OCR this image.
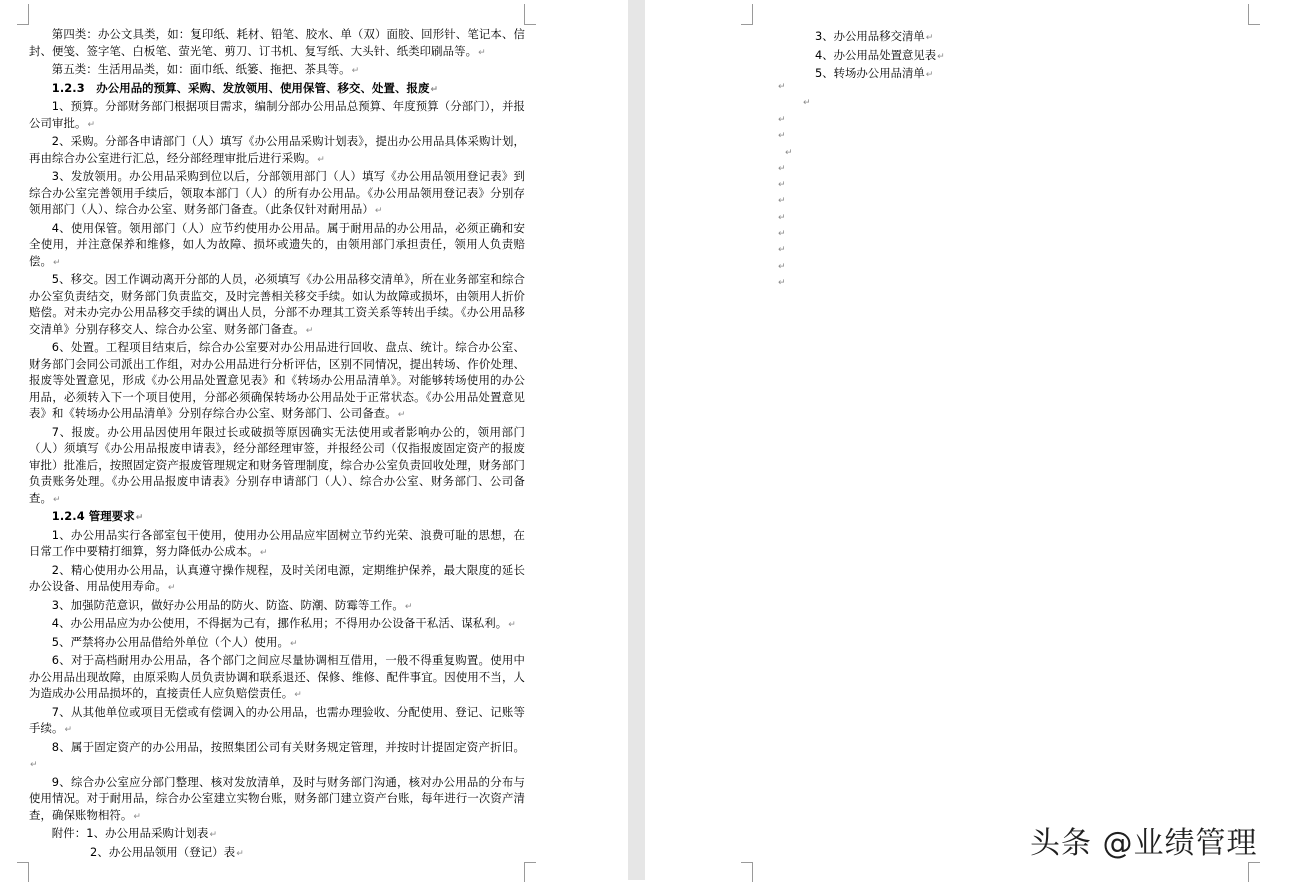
第四类：办公文具类，如：复印纸、耗材、铅笔、胶水、单（双）面胶、回形针、笔记本、信封、便笺、签字笔、白板笔、萤光笔、剪刀、订书机、复写纸、大头针、纸类印刷品等。↵

第五类：生活用品类，如：面巾纸、纸篓、拖把、茶具等。↵

1.2.3　办公用品的预算、采购、发放领用、使用保管、移交、处置、报废↵

1、预算。分部财务部门根据项目需求，编制分部办公用品总预算、年度预算（分部门），并报公司审批。↵

2、采购。分部各申请部门（人）填写《办公用品采购计划表》，提出办公用品具体采购计划，再由综合办公室进行汇总，经分部经理审批后进行采购。↵

3、发放领用。办公用品采购到位以后，分部领用部门（人）填写《办公用品领用登记表》到综合办公室完善领用手续后，领取本部门（人）的所有办公用品。《办公用品领用登记表》分别存领用部门（人）、综合办公室、财务部门备查。（此条仅针对耐用品）↵

4、使用保管。领用部门（人）应节约使用办公用品。属于耐用品的办公用品，必须正确和安全使用，并注意保养和维修，如人为故障、损坏或遗失的，由领用部门承担责任，领用人负责赔偿。↵

5、移交。因工作调动离开分部的人员，必须填写《办公用品移交清单》，所在业务部室和综合办公室负责结交，财务部门负责监交，及时完善相关移交手续。如认为故障或损坏，由领用人折价赔偿。对未办完办公用品移交手续的调出人员，分部不办理其工资关系等转出手续。《办公用品移交清单》分别存移交人、综合办公室、财务部门备查。↵

6、处置。工程项目结束后，综合办公室要对办公用品进行回收、盘点、统计。综合办公室、财务部门会同公司派出工作组，对办公用品进行分析评估，区别不同情况，提出转场、作价处理、报废等处置意见，形成《办公用品处置意见表》和《转场办公用品清单》。对能够转场使用的办公用品，必须转入下一个项目使用，分部必须确保转场办公用品处于正常状态。《办公用品处置意见表》和《转场办公用品清单》分别存综合办公室、财务部门、公司备查。↵

7、报废。办公用品因使用年限过长或破损等原因确实无法使用或者影响办公的，领用部门（人）须填写《办公用品报废申请表》，经分部经理审签，并报经公司（仅指报废固定资产的报废审批）批准后，按照固定资产报废管理规定和财务管理制度，综合办公室负责回收处理，财务部门负责账务处理。《办公用品报废申请表》分别存申请部门（人）、综合办公室、财务部门、公司备查。↵

1.2.4 管理要求↵

1、办公用品实行各部室包干使用，使用办公用品应牢固树立节约光荣、浪费可耻的思想，在日常工作中要精打细算，努力降低办公成本。↵

2、精心使用办公用品，认真遵守操作规程，及时关闭电源，定期维护保养，最大限度的延长办公设备、用品使用寿命。↵

3、加强防范意识，做好办公用品的防火、防盗、防潮、防霉等工作。↵

4、办公用品应为办公使用，不得据为己有，挪作私用；不得用办公设备干私活、谋私利。↵

5、严禁将办公用品借给外单位（个人）使用。↵

6、对于高档耐用办公用品，各个部门之间应尽量协调相互借用，一般不得重复购置。使用中办公用品出现故障，由原采购人员负责协调和联系退还、保修、维修、配件事宜。因使用不当，人为造成办公用品损坏的，直接责任人应负赔偿责任。↵

7、从其他单位或项目无偿或有偿调入的办公用品，也需办理验收、分配使用、登记、记账等手续。↵

8、属于固定资产的办公用品，按照集团公司有关财务规定管理，并按时计提固定资产折旧。↵

9、综合办公室应分部门整理、核对发放清单，及时与财务部门沟通，核对办公用品的分布与使用情况。对于耐用品，综合办公室建立实物台账，财务部门建立资产台账，每年进行一次资产清查，确保账物相符。↵

附件：1、办公用品采购计划表↵

2、办公用品领用（登记）表↵

3、办公用品移交清单↵

4、办公用品处置意见表↵

5、转场办公用品清单↵

↵
↵
↵
↵
↵
↵
↵
↵
↵
↵
↵
↵
↵
头条 @业绩管理
